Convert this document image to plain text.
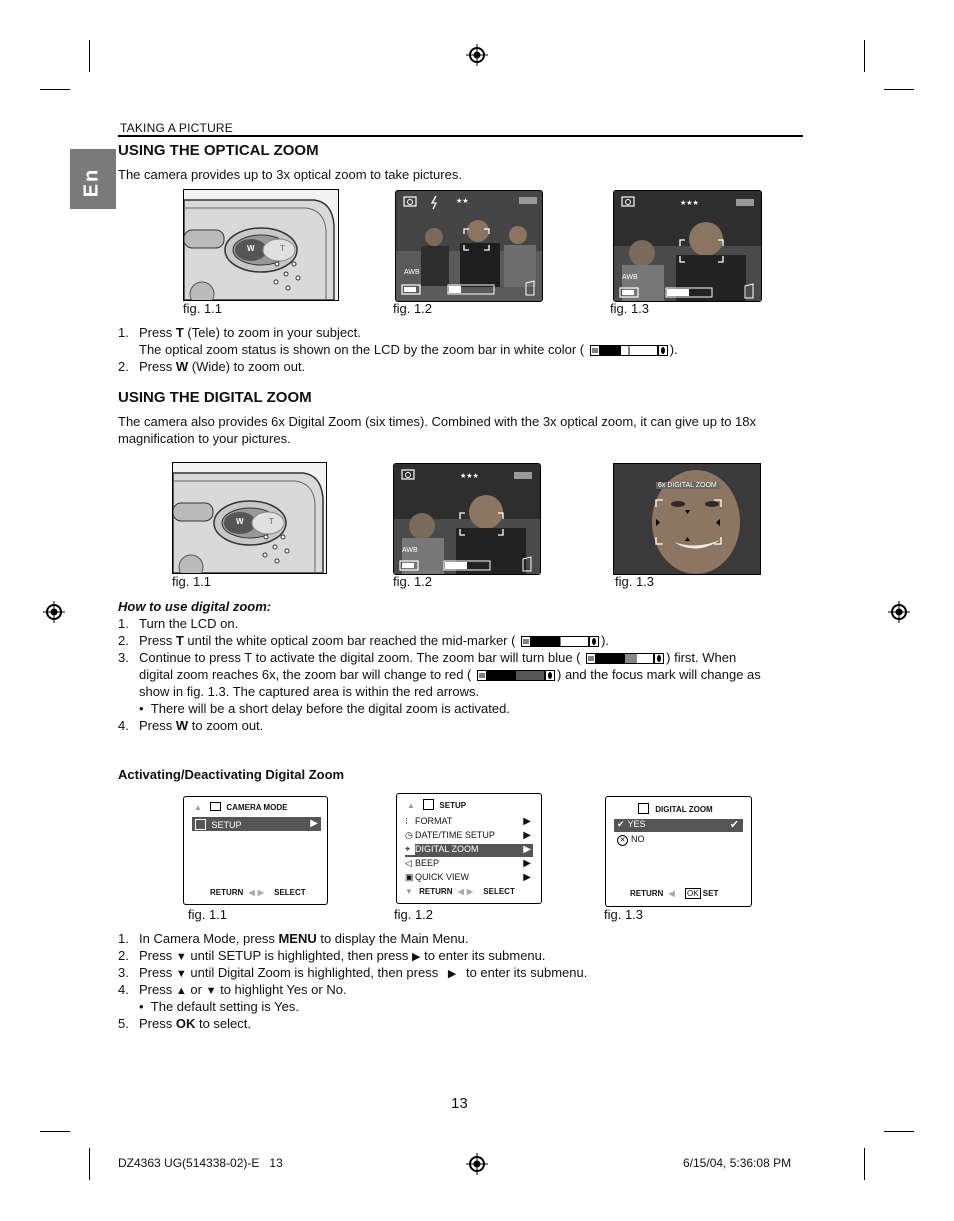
TAKING A PICTURE
En
USING THE OPTICAL ZOOM
The camera provides up to 3x optical zoom to take pictures.
W	T
fig. 1.1
★★
AWB
fig. 1.2
★★★
AWB
fig. 1.3
1. Press T (Tele) to zoom in your subject.
The optical zoom status is shown on the LCD by the zoom bar in white color (	).
2. Press W (Wide) to zoom out.
USING THE DIGITAL ZOOM
The camera also provides 6x Digital Zoom (six times). Combined with the 3x optical zoom, it can give up to 18x
magnification to your pictures.
W	T
fig. 1.1
★★★
AWB
fig. 1.2
6x DIGITAL ZOOM
fig. 1.3
How to use digital zoom:
1. Turn the LCD on.
2. Press T until the white optical zoom bar reached the mid-marker (	).
3. Continue to press T to activate the digital zoom. The zoom bar will turn blue (	) first. When
digital zoom reaches 6x, the zoom bar will change to red (	) and the focus mark will change as
show in fig. 1.3. The captured area is within the red arrows.
•  There will be a short delay before the digital zoom is activated.
4. Press W to zoom out.
Activating/Deactivating Digital Zoom
▲	CAMERA MODE
SETUP	▶
RETURN ◀ ▶ SELECT
fig. 1.1
▲	SETUP
⁝ FORMAT	▶
◷ DATE/TIME SETUP	▶
⌖ DIGITAL ZOOM	▶
◁ BEEP	▶
▣QUICK VIEW	▶
▼ RETURN ◀ ▶ SELECT
fig. 1.2
DIGITAL ZOOM
✔ YES	✔
✕ NO
RETURN ◀ OK SET
fig. 1.3
1. In Camera Mode, press MENU to display the Main Menu.
2. Press ▼ until SETUP is highlighted, then press ▶ to enter its submenu.
3. Press ▼ until Digital Zoom is highlighted, then press ▶ to enter its submenu.
4. Press ▲ or ▼ to highlight Yes or No.
•  The default setting is Yes.
5. Press OK to select.
13
DZ4363 UG(514338-02)-E   13	6/15/04, 5:36:08 PM
